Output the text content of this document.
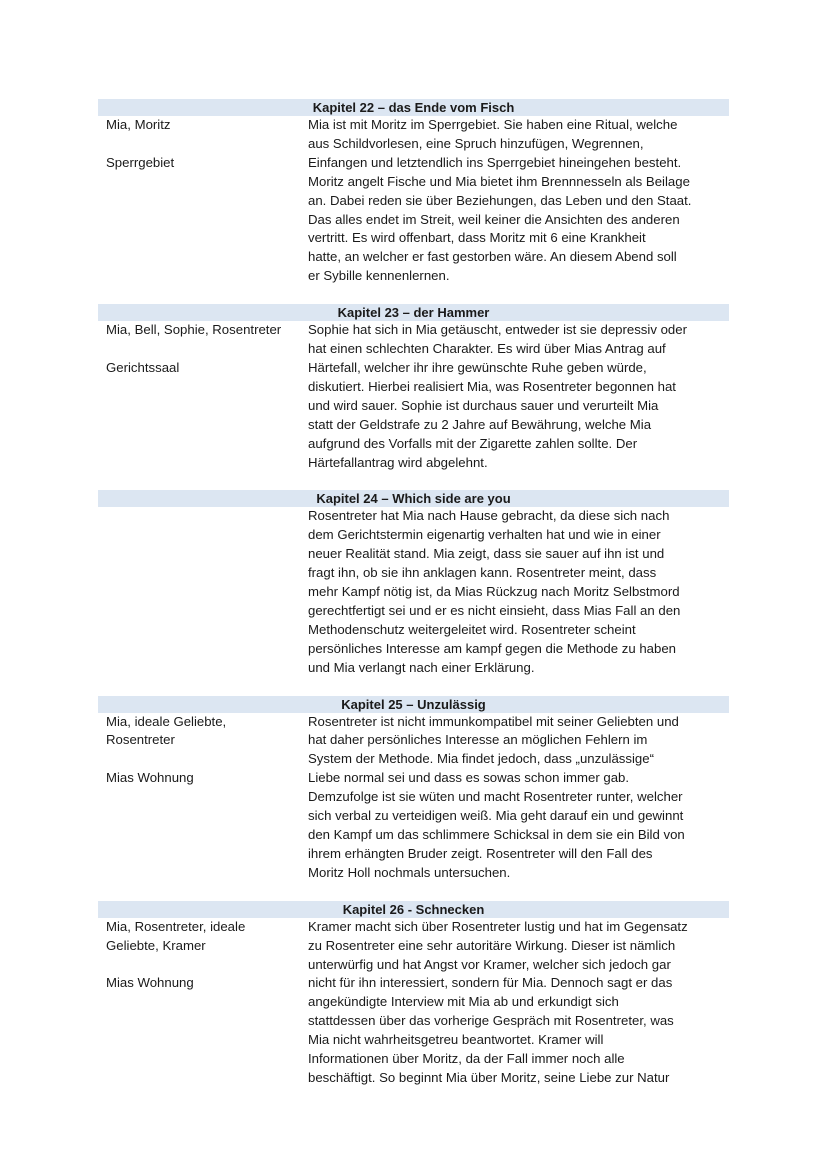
Kapitel 22 – das Ende vom Fisch
Mia, Moritz
Sperrgebiet
Mia ist mit Moritz im Sperrgebiet. Sie haben eine Ritual, welche
aus Schildvorlesen, eine Spruch hinzufügen, Wegrennen,
Einfangen und letztendlich ins Sperrgebiet hineingehen besteht.
Moritz angelt Fische und Mia bietet ihm Brennnesseln als Beilage
an. Dabei reden sie über Beziehungen, das Leben und den Staat.
Das alles endet im Streit, weil keiner die Ansichten des anderen
vertritt. Es wird offenbart, dass Moritz mit 6 eine Krankheit
hatte, an welcher er fast gestorben wäre. An diesem Abend soll
er Sybille kennenlernen.
Kapitel 23 – der Hammer
Mia, Bell, Sophie, Rosentreter
Gerichtssaal
Sophie hat sich in Mia getäuscht, entweder ist sie depressiv oder
hat einen schlechten Charakter. Es wird über Mias Antrag auf
Härtefall, welcher ihr ihre gewünschte Ruhe geben würde,
diskutiert. Hierbei realisiert Mia, was Rosentreter begonnen hat
und wird sauer. Sophie ist durchaus sauer und verurteilt Mia
statt der Geldstrafe zu 2 Jahre auf Bewährung, welche Mia
aufgrund des Vorfalls mit der Zigarette zahlen sollte. Der
Härtefallantrag wird abgelehnt.
Kapitel 24 – Which side are you
Rosentreter hat Mia nach Hause gebracht, da diese sich nach
dem Gerichtstermin eigenartig verhalten hat und wie in einer
neuer Realität stand. Mia zeigt, dass sie sauer auf ihn ist und
fragt ihn, ob sie ihn anklagen kann. Rosentreter meint, dass
mehr Kampf nötig ist, da Mias Rückzug nach Moritz Selbstmord
gerechtfertigt sei und er es nicht einsieht, dass Mias Fall an den
Methodenschutz weitergeleitet wird. Rosentreter scheint
persönliches Interesse am kampf gegen die Methode zu haben
und Mia verlangt nach einer Erklärung.
Kapitel 25 – Unzulässig
Mia, ideale Geliebte,
Rosentreter
Mias Wohnung
Rosentreter ist nicht immunkompatibel mit seiner Geliebten und
hat daher persönliches Interesse an möglichen Fehlern im
System der Methode. Mia findet jedoch, dass „unzulässige“
Liebe normal sei und dass es sowas schon immer gab.
Demzufolge ist sie wüten und macht Rosentreter runter, welcher
sich verbal zu verteidigen weiß. Mia geht darauf ein und gewinnt
den Kampf um das schlimmere Schicksal in dem sie ein Bild von
ihrem erhängten Bruder zeigt. Rosentreter will den Fall des
Moritz Holl nochmals untersuchen.
Kapitel 26 - Schnecken
Mia, Rosentreter, ideale
Geliebte, Kramer
Mias Wohnung
Kramer macht sich über Rosentreter lustig und hat im Gegensatz
zu Rosentreter eine sehr autoritäre Wirkung. Dieser ist nämlich
unterwürfig und hat Angst vor Kramer, welcher sich jedoch gar
nicht für ihn interessiert, sondern für Mia. Dennoch sagt er das
angekündigte Interview mit Mia ab und erkundigt sich
stattdessen über das vorherige Gespräch mit Rosentreter, was
Mia nicht wahrheitsgetreu beantwortet. Kramer will
Informationen über Moritz, da der Fall immer noch alle
beschäftigt. So beginnt Mia über Moritz, seine Liebe zur Natur
